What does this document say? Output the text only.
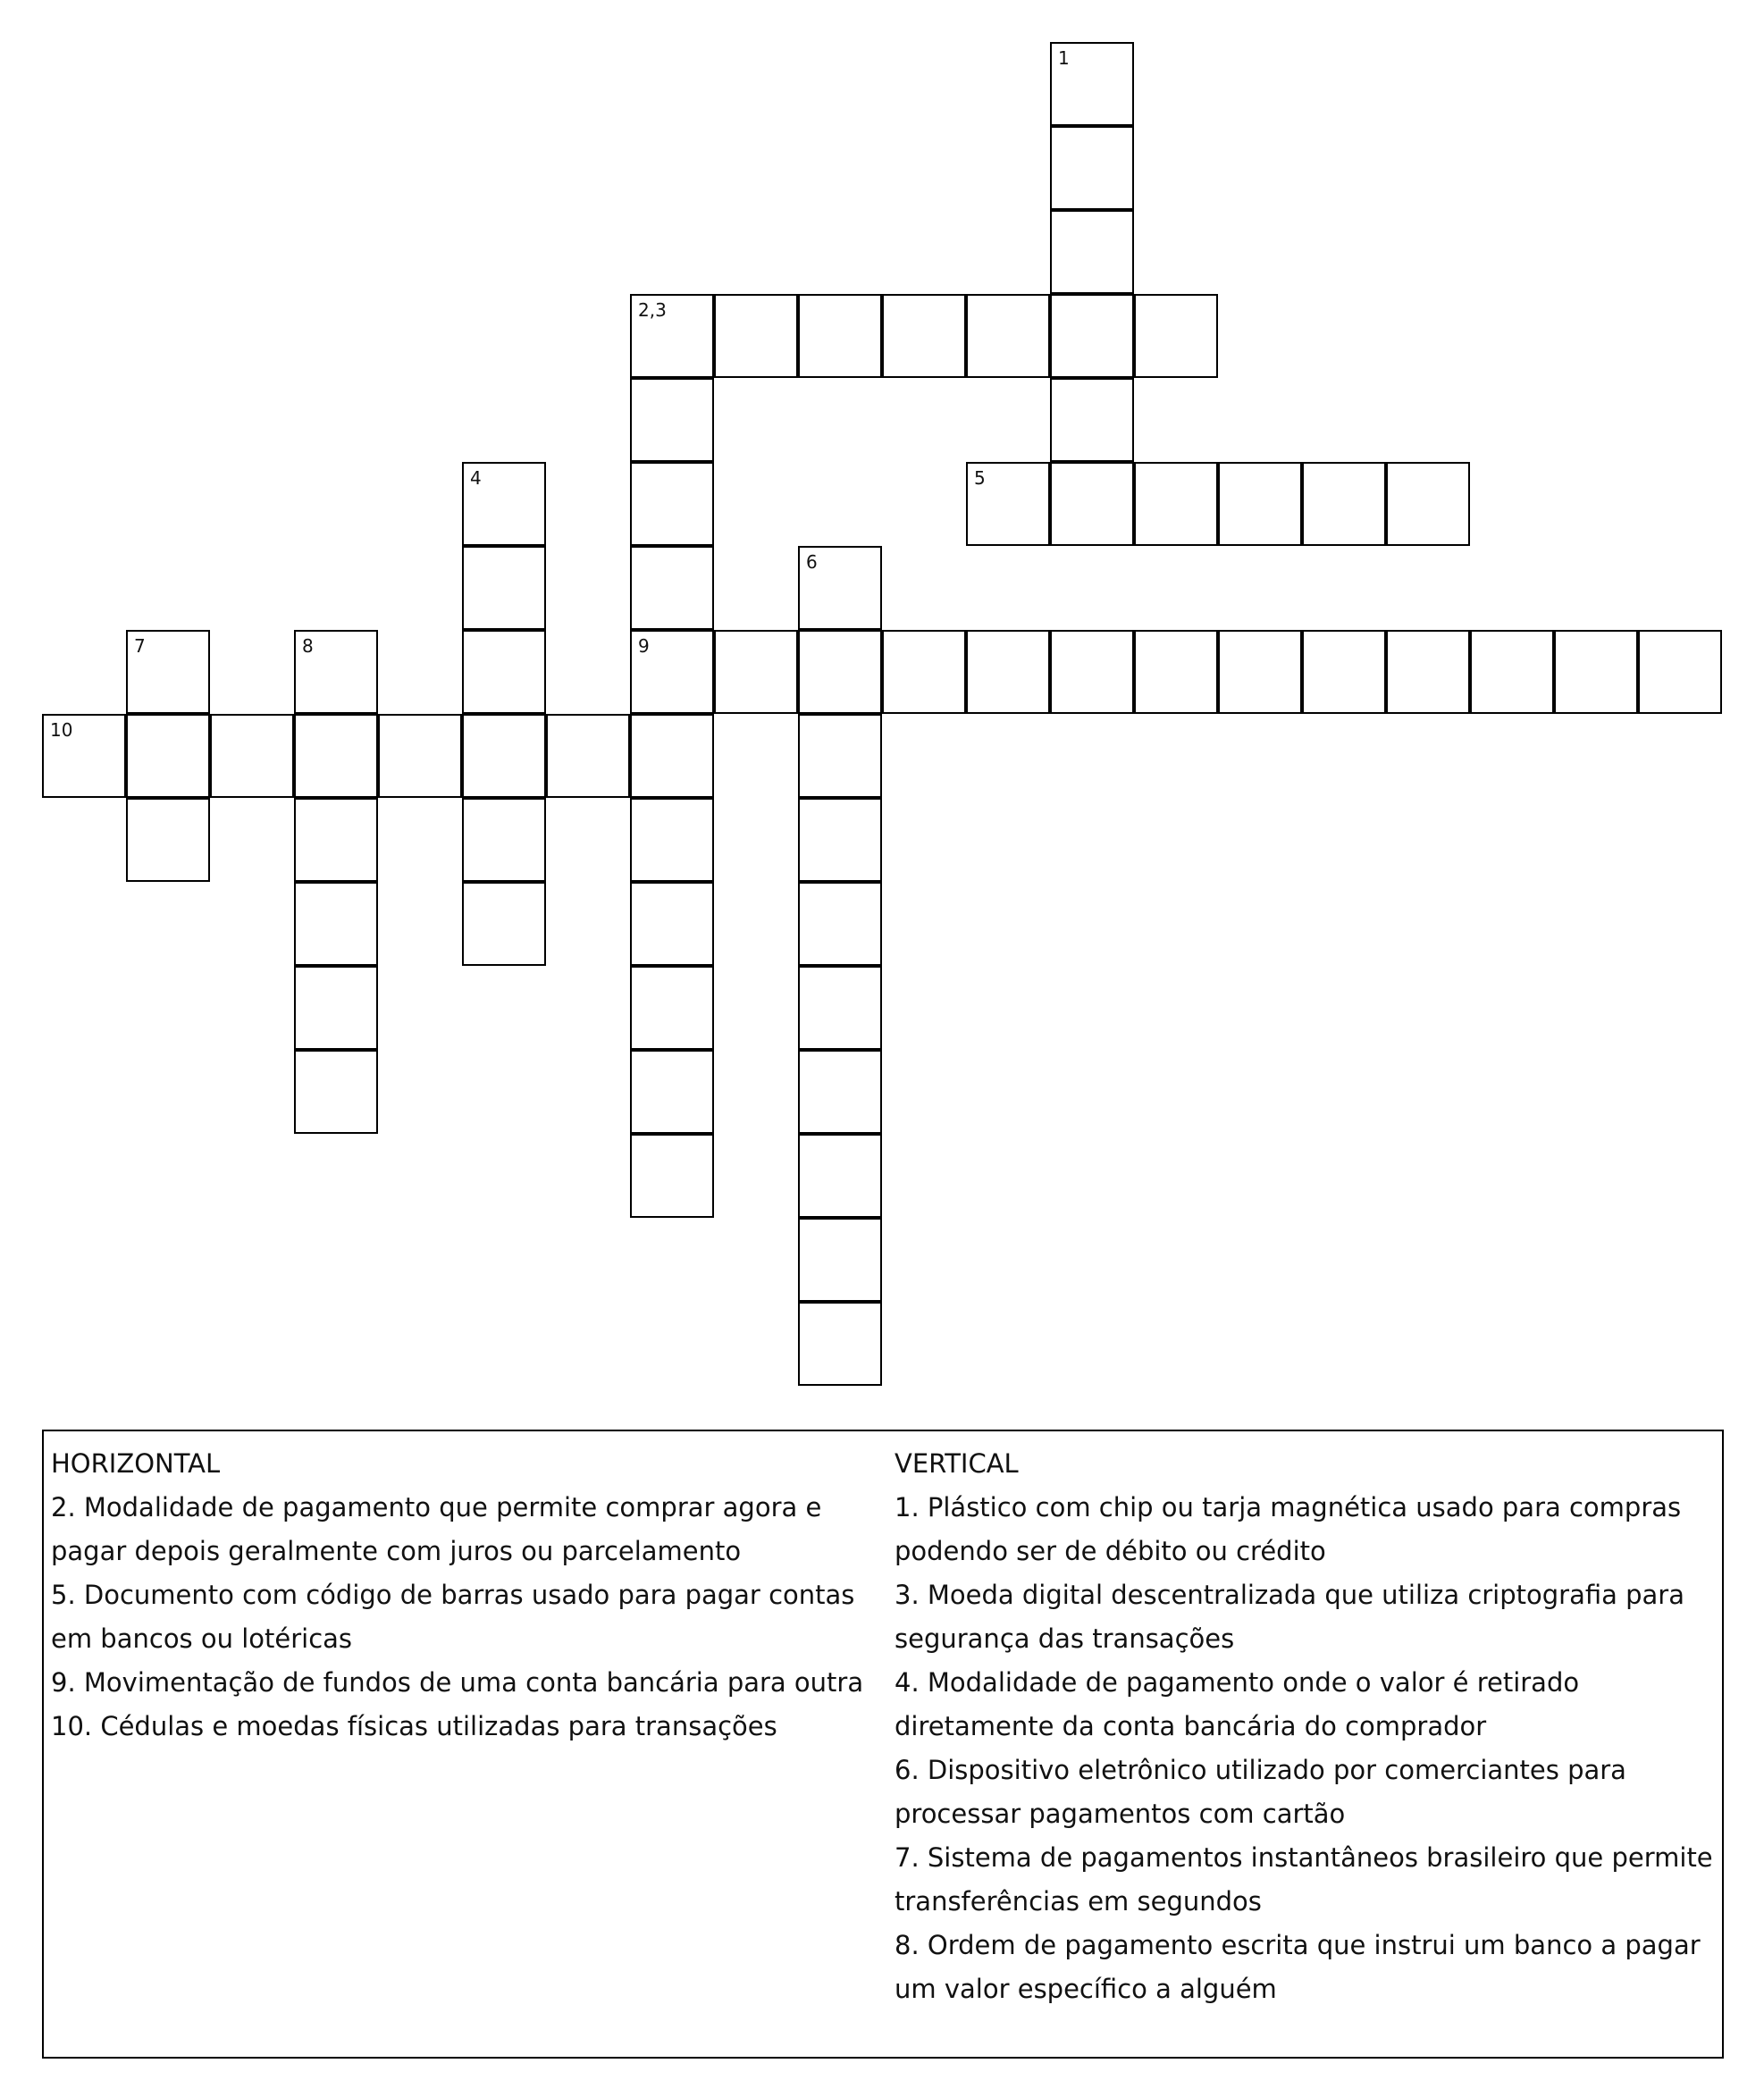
1
2,3
4	5
6
7	8	9
10
HORIZONTAL
2. Modalidade de pagamento que permite comprar agora e pagar depois geralmente com juros ou parcelamento
5. Documento com código de barras usado para pagar contas em bancos ou lotéricas
9. Movimentação de fundos de uma conta bancária para outra
10. Cédulas e moedas físicas utilizadas para transações
VERTICAL
1. Plástico com chip ou tarja magnética usado para compras podendo ser de débito ou crédito
3. Moeda digital descentralizada que utiliza criptografia para segurança das transações
4. Modalidade de pagamento onde o valor é retirado diretamente da conta bancária do comprador
6. Dispositivo eletrônico utilizado por comerciantes para processar pagamentos com cartão
7. Sistema de pagamentos instantâneos brasileiro que permite transferências em segundos
8. Ordem de pagamento escrita que instrui um banco a pagar um valor específico a alguém
